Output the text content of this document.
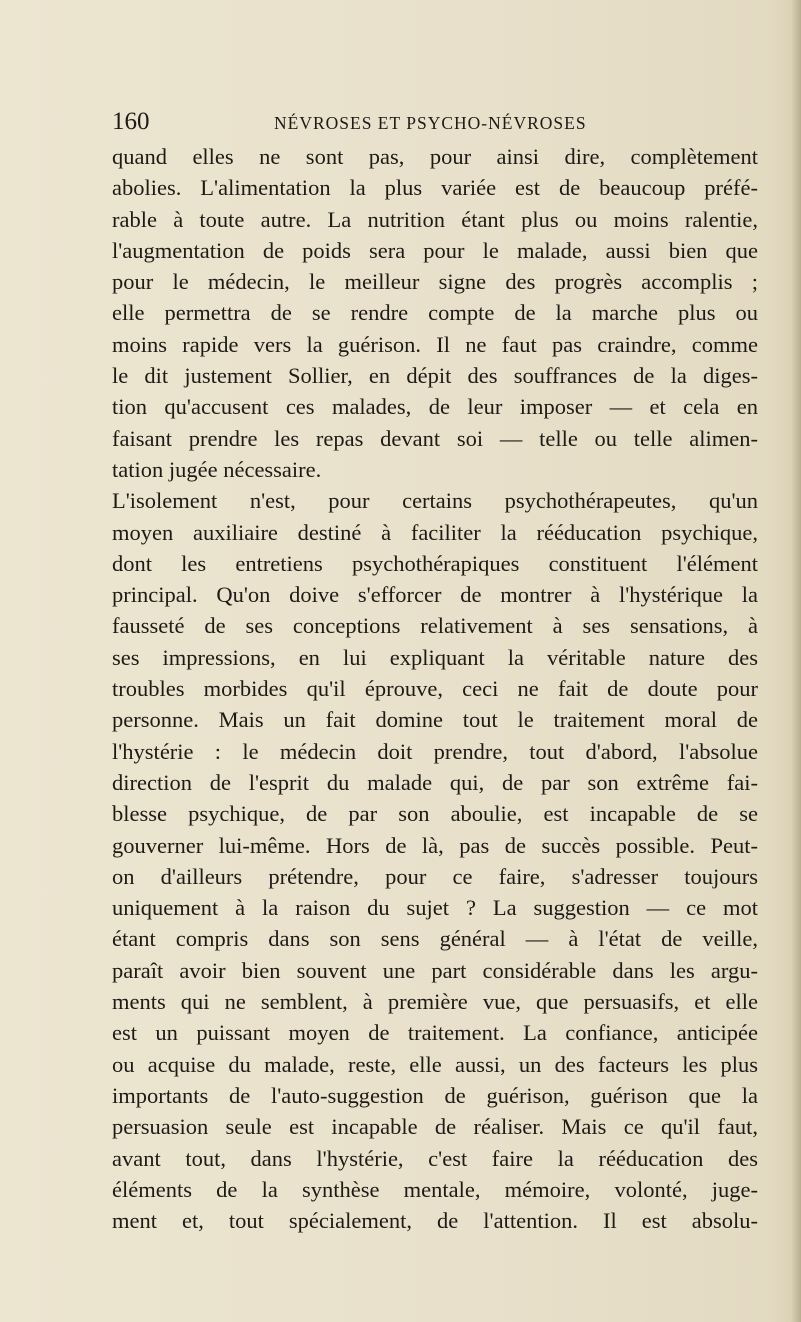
160	NÉVROSES ET PSYCHO-NÉVROSES
quand elles ne sont pas, pour ainsi dire, complètement
abolies. L'alimentation la plus variée est de beaucoup préfé-
rable à toute autre. La nutrition étant plus ou moins ralentie,
l'augmentation de poids sera pour le malade, aussi bien que
pour le médecin, le meilleur signe des progrès accomplis ;
elle permettra de se rendre compte de la marche plus ou
moins rapide vers la guérison. Il ne faut pas craindre, comme
le dit justement Sollier, en dépit des souffrances de la diges-
tion qu'accusent ces malades, de leur imposer — et cela en
faisant prendre les repas devant soi — telle ou telle alimen-
tation jugée nécessaire.
L'isolement n'est, pour certains psychothérapeutes, qu'un
moyen auxiliaire destiné à faciliter la rééducation psychique,
dont les entretiens psychothérapiques constituent l'élément
principal. Qu'on doive s'efforcer de montrer à l'hystérique la
fausseté de ses conceptions relativement à ses sensations, à
ses impressions, en lui expliquant la véritable nature des
troubles morbides qu'il éprouve, ceci ne fait de doute pour
personne. Mais un fait domine tout le traitement moral de
l'hystérie : le médecin doit prendre, tout d'abord, l'absolue
direction de l'esprit du malade qui, de par son extrême fai-
blesse psychique, de par son aboulie, est incapable de se
gouverner lui-même. Hors de là, pas de succès possible. Peut-
on d'ailleurs prétendre, pour ce faire, s'adresser toujours
uniquement à la raison du sujet ? La suggestion — ce mot
étant compris dans son sens général — à l'état de veille,
paraît avoir bien souvent une part considérable dans les argu-
ments qui ne semblent, à première vue, que persuasifs, et elle
est un puissant moyen de traitement. La confiance, anticipée
ou acquise du malade, reste, elle aussi, un des facteurs les plus
importants de l'auto-suggestion de guérison, guérison que la
persuasion seule est incapable de réaliser. Mais ce qu'il faut,
avant tout, dans l'hystérie, c'est faire la rééducation des
éléments de la synthèse mentale, mémoire, volonté, juge-
ment et, tout spécialement, de l'attention. Il est absolu-
